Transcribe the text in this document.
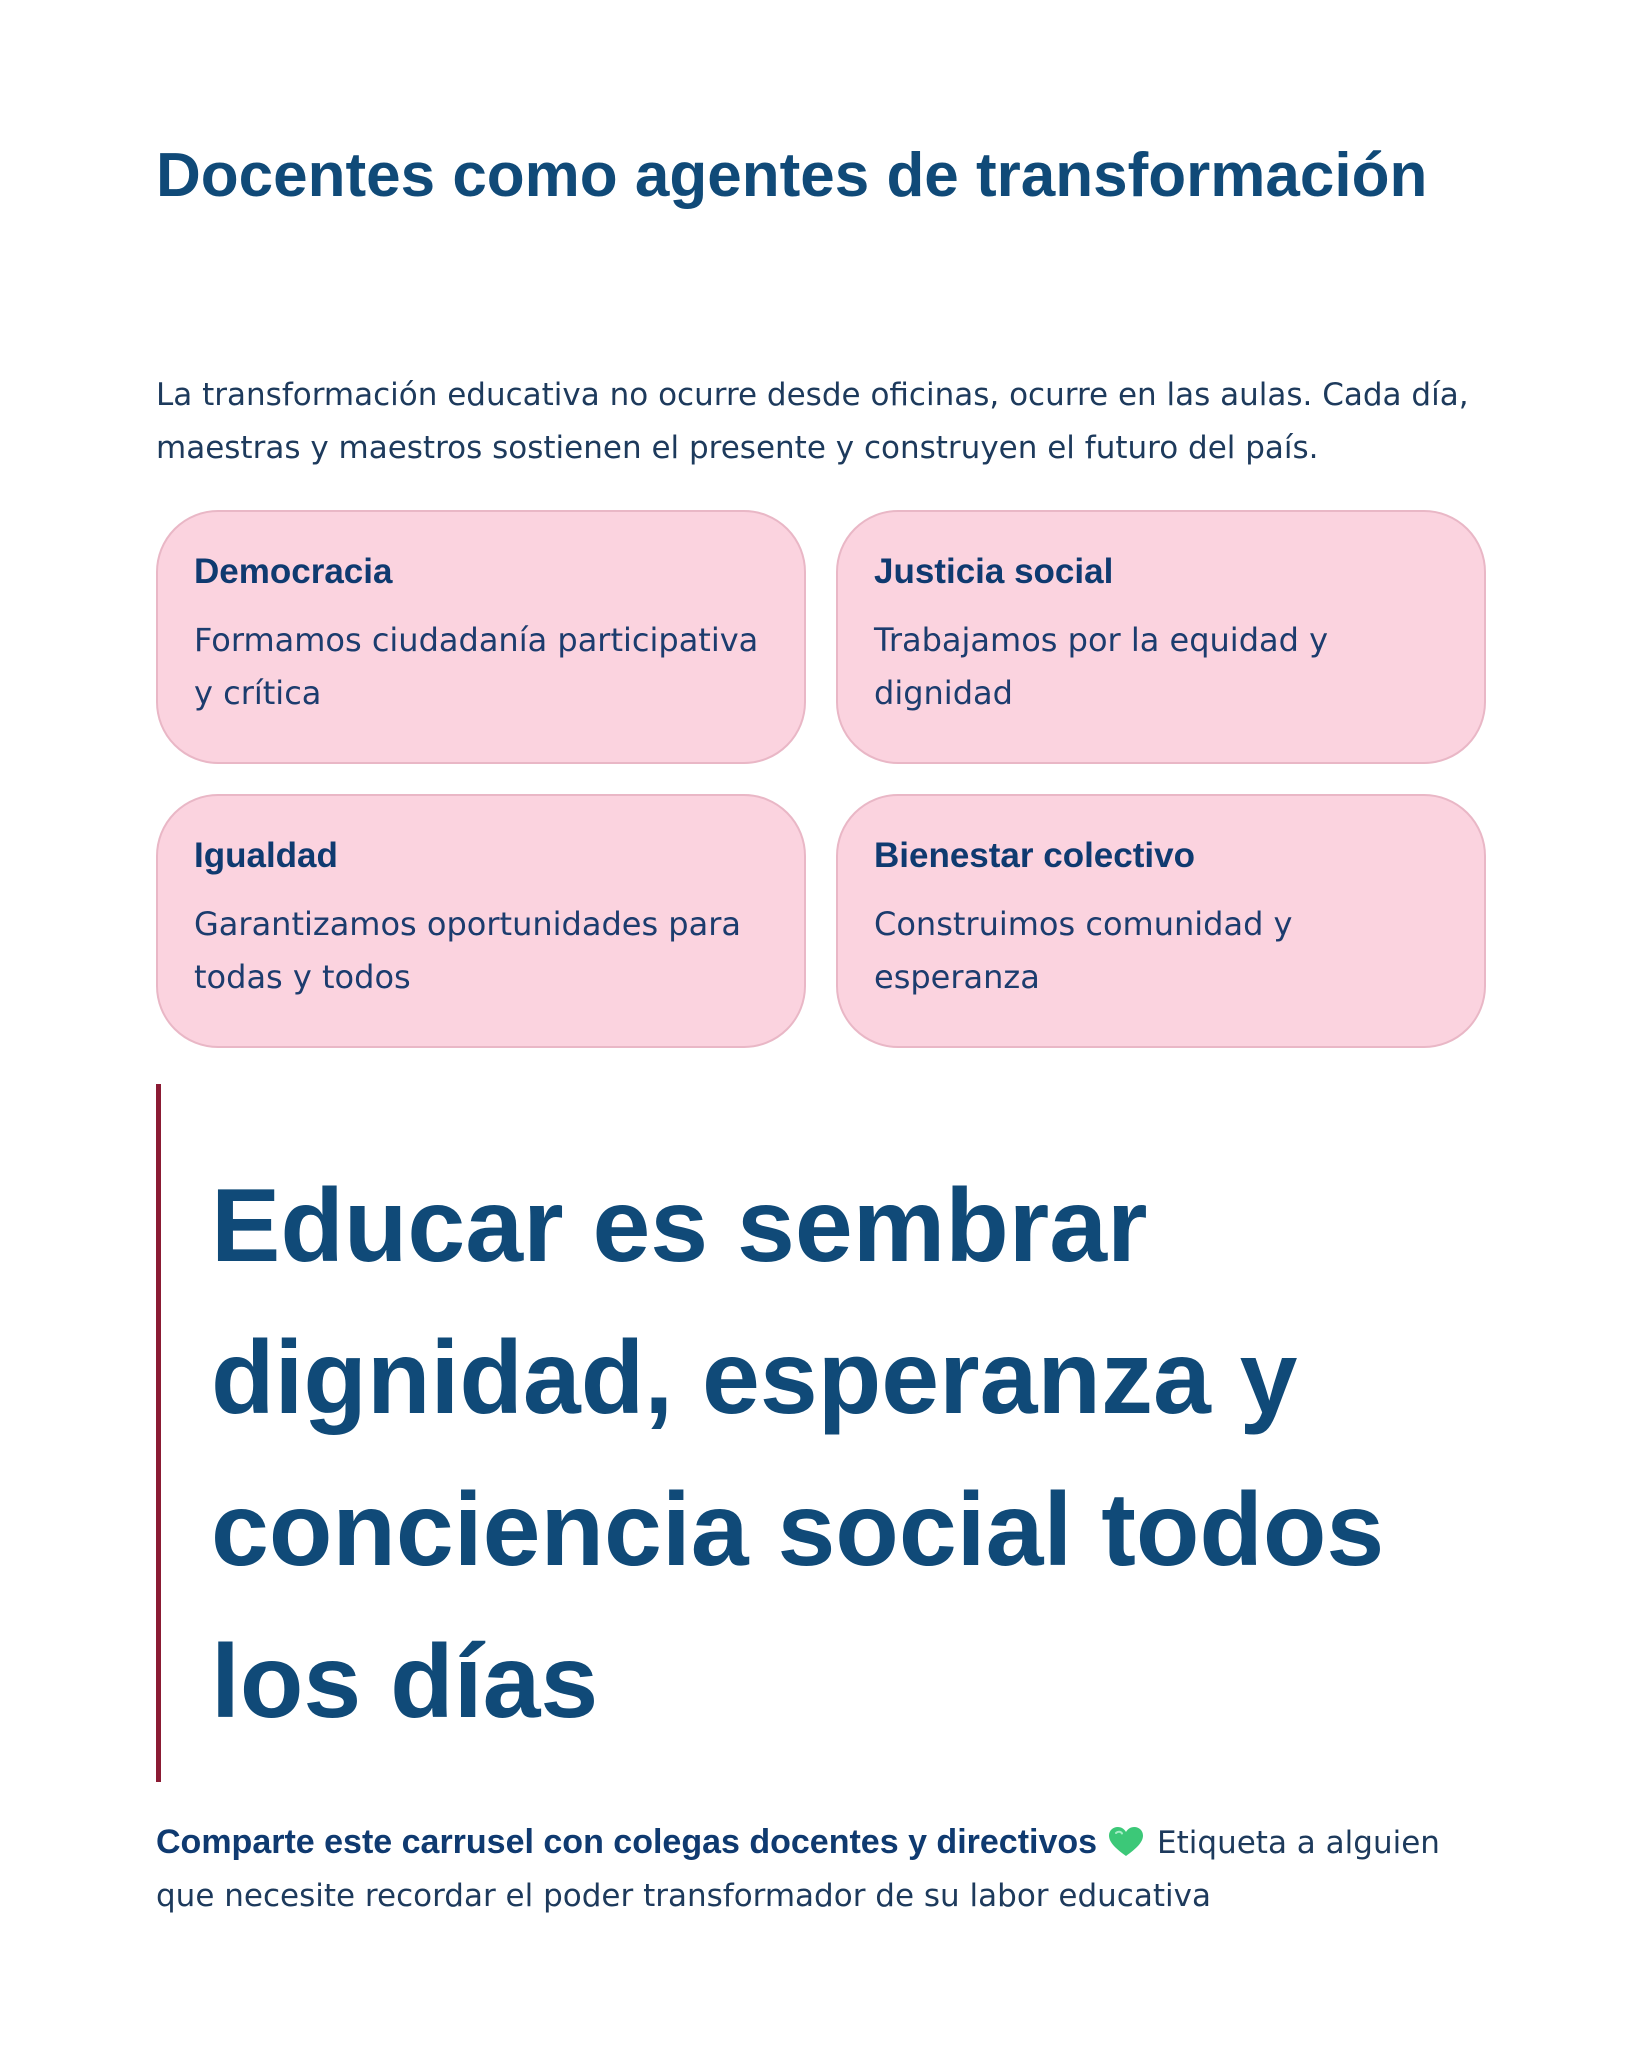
Docentes como agentes de transformación

La transformación educativa no ocurre desde oficinas, ocurre en las aulas. Cada día, maestras y maestros sostienen el presente y construyen el futuro del país.

Democracia

Formamos ciudadanía participativa y crítica

Justicia social

Trabajamos por la equidad y dignidad

Igualdad

Garantizamos oportunidades para todas y todos

Bienestar colectivo

Construimos comunidad y esperanza

Educar es sembrar dignidad, esperanza y conciencia social todos los días

Comparte este carrusel con colegas docentes y directivos Etiqueta a alguien que necesite recordar el poder transformador de su labor educativa
